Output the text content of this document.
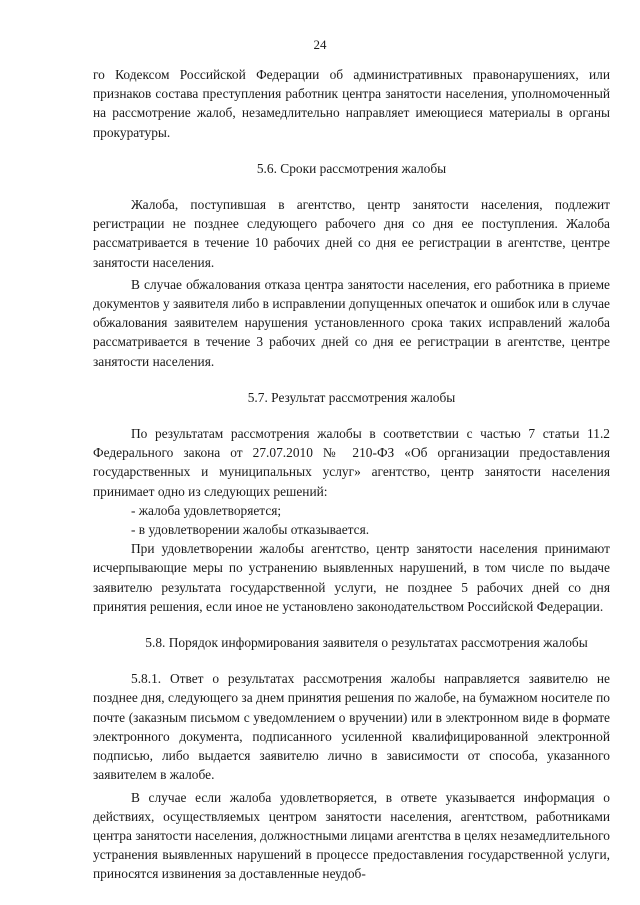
24

го Кодексом Российской Федерации об административных правонарушениях, или признаков состава преступления работник центра занятости населения, уполномоченный на рассмотрение жалоб, незамедлительно направляет имеющиеся материалы в органы прокуратуры.

5.6. Сроки рассмотрения жалобы

Жалоба, поступившая в агентство, центр занятости населения, подлежит регистрации не позднее следующего рабочего дня со дня ее поступления. Жалоба рассматривается в течение 10 рабочих дней со дня ее регистрации в агентстве, центре занятости населения.

В случае обжалования отказа центра занятости населения, его работника в приеме документов у заявителя либо в исправлении допущенных опечаток и ошибок или в случае обжалования заявителем нарушения установленного срока таких исправлений жалоба рассматривается в течение 3 рабочих дней со дня ее регистрации в агентстве, центре занятости населения.

5.7. Результат рассмотрения жалобы

По результатам рассмотрения жалобы в соответствии с частью 7 статьи 11.2 Федерального закона от 27.07.2010 № 210-ФЗ «Об организации предоставления государственных и муниципальных услуг» агентство, центр занятости населения принимает одно из следующих решений:

- жалоба удовлетворяется;

- в удовлетворении жалобы отказывается.

При удовлетворении жалобы агентство, центр занятости населения принимают исчерпывающие меры по устранению выявленных нарушений, в том числе по выдаче заявителю результата государственной услуги, не позднее 5 рабочих дней со дня принятия решения, если иное не установлено законодательством Российской Федерации.

5.8. Порядок информирования заявителя о результатах рассмотрения жалобы

5.8.1. Ответ о результатах рассмотрения жалобы направляется заявителю не позднее дня, следующего за днем принятия решения по жалобе, на бумажном носителе по почте (заказным письмом с уведомлением о вручении) или в электронном виде в формате электронного документа, подписанного усиленной квалифицированной электронной подписью, либо выдается заявителю лично в зависимости от способа, указанного заявителем в жалобе.

В случае если жалоба удовлетворяется, в ответе указывается информация о действиях, осуществляемых центром занятости населения, агентством, работниками центра занятости населения, должностными лицами агентства в целях незамедлительного устранения выявленных нарушений в процессе предоставления государственной услуги, приносятся извинения за доставленные неудоб-
